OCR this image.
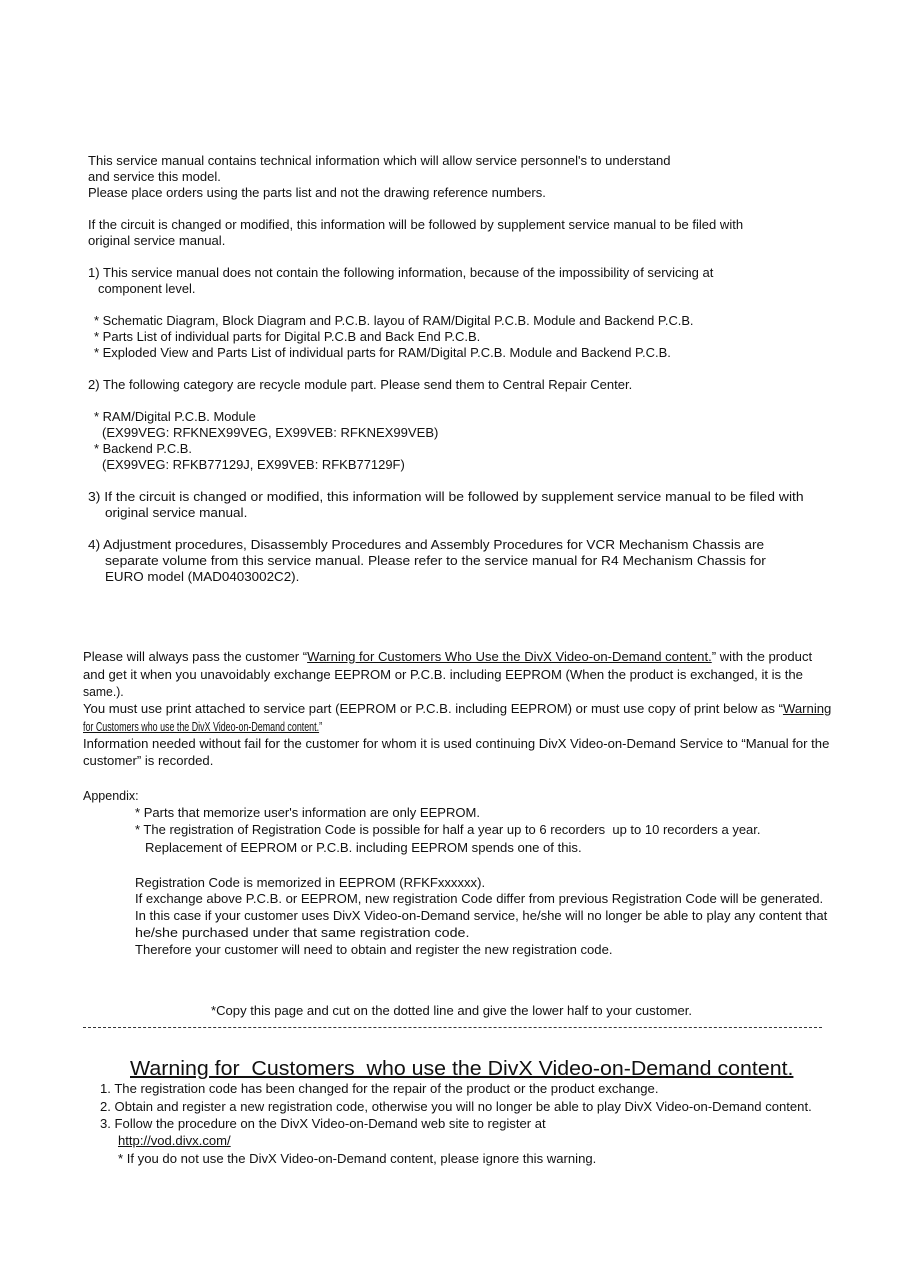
This service manual contains technical information which will allow service personnel's to understand
and service this model.
Please place orders using the parts list and not the drawing reference numbers.
If the circuit is changed or modified, this information will be followed by supplement service manual to be filed with
original service manual.
1) This service manual does not contain the following information, because of the impossibility of servicing at
component level.
* Schematic Diagram, Block Diagram and P.C.B. layou of RAM/Digital P.C.B. Module and Backend P.C.B.
* Parts List of individual parts for Digital P.C.B and Back End P.C.B.
* Exploded View and Parts List of individual parts for RAM/Digital P.C.B. Module and Backend P.C.B.
2) The following category are recycle module part. Please send them to Central Repair Center.
* RAM/Digital P.C.B. Module
(EX99VEG: RFKNEX99VEG, EX99VEB: RFKNEX99VEB)
* Backend P.C.B.
(EX99VEG: RFKB77129J, EX99VEB: RFKB77129F)
3) If the circuit is changed or modified, this information will be followed by supplement service manual to be filed with
original service manual.
4) Adjustment procedures, Disassembly Procedures and Assembly Procedures for VCR Mechanism Chassis are
separate volume from this service manual. Please refer to the service manual for R4 Mechanism Chassis for
EURO model (MAD0403002C2).
Please will always pass the customer “Warning for Customers Who Use the DivX Video-on-Demand content.” with the product
and get it when you unavoidably exchange EEPROM or P.C.B. including EEPROM (When the product is exchanged, it is the
same.).
You must use print attached to service part (EEPROM or P.C.B. including EEPROM) or must use copy of print below as “Warning
for Customers who use the DivX Video-on-Demand content.”
Information needed without fail for the customer for whom it is used continuing DivX Video-on-Demand Service to “Manual for the
customer” is recorded.
Appendix:
* Parts that memorize user's information are only EEPROM.
* The registration of Registration Code is possible for half a year up to 6 recorders  up to 10 recorders a year.
Replacement of EEPROM or P.C.B. including EEPROM spends one of this.
Registration Code is memorized in EEPROM (RFKFxxxxxx).
If exchange above P.C.B. or EEPROM, new registration Code differ from previous Registration Code will be generated.
In this case if your customer uses DivX Video-on-Demand service, he/she will no longer be able to play any content that
he/she purchased under that same registration code.
Therefore your customer will need to obtain and register the new registration code.
*Copy this page and cut on the dotted line and give the lower half to your customer.
Warning for  Customers  who use the DivX Video-on-Demand content.
1. The registration code has been changed for the repair of the product or the product exchange.
2. Obtain and register a new registration code, otherwise you will no longer be able to play DivX Video-on-Demand content.
3. Follow the procedure on the DivX Video-on-Demand web site to register at
http://vod.divx.com/
* If you do not use the DivX Video-on-Demand content, please ignore this warning.
